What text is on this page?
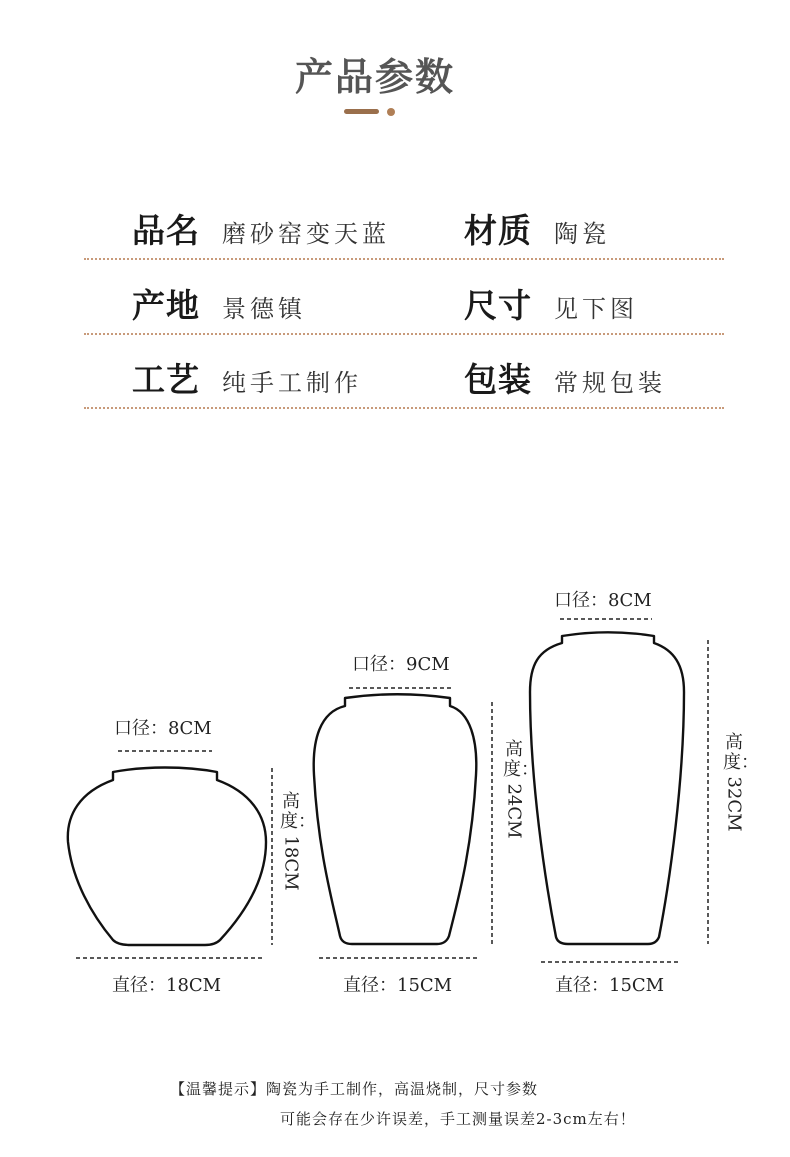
产品参数
品名 磨砂窑变天蓝 材质 陶瓷
产地 景德镇	尺寸 见下图
工艺 纯手工制作	包装 常规包装
口径：8CM
高度：
18CM
直径：18CM
口径：9CM
高度：
24CM
直径：15CM
口径：8CM
高度：
32CM
直径：15CM
【温馨提示】陶瓷为手工制作，高温烧制，尺寸参数
可能会存在少许误差，手工测量误差2-3cm左右！
